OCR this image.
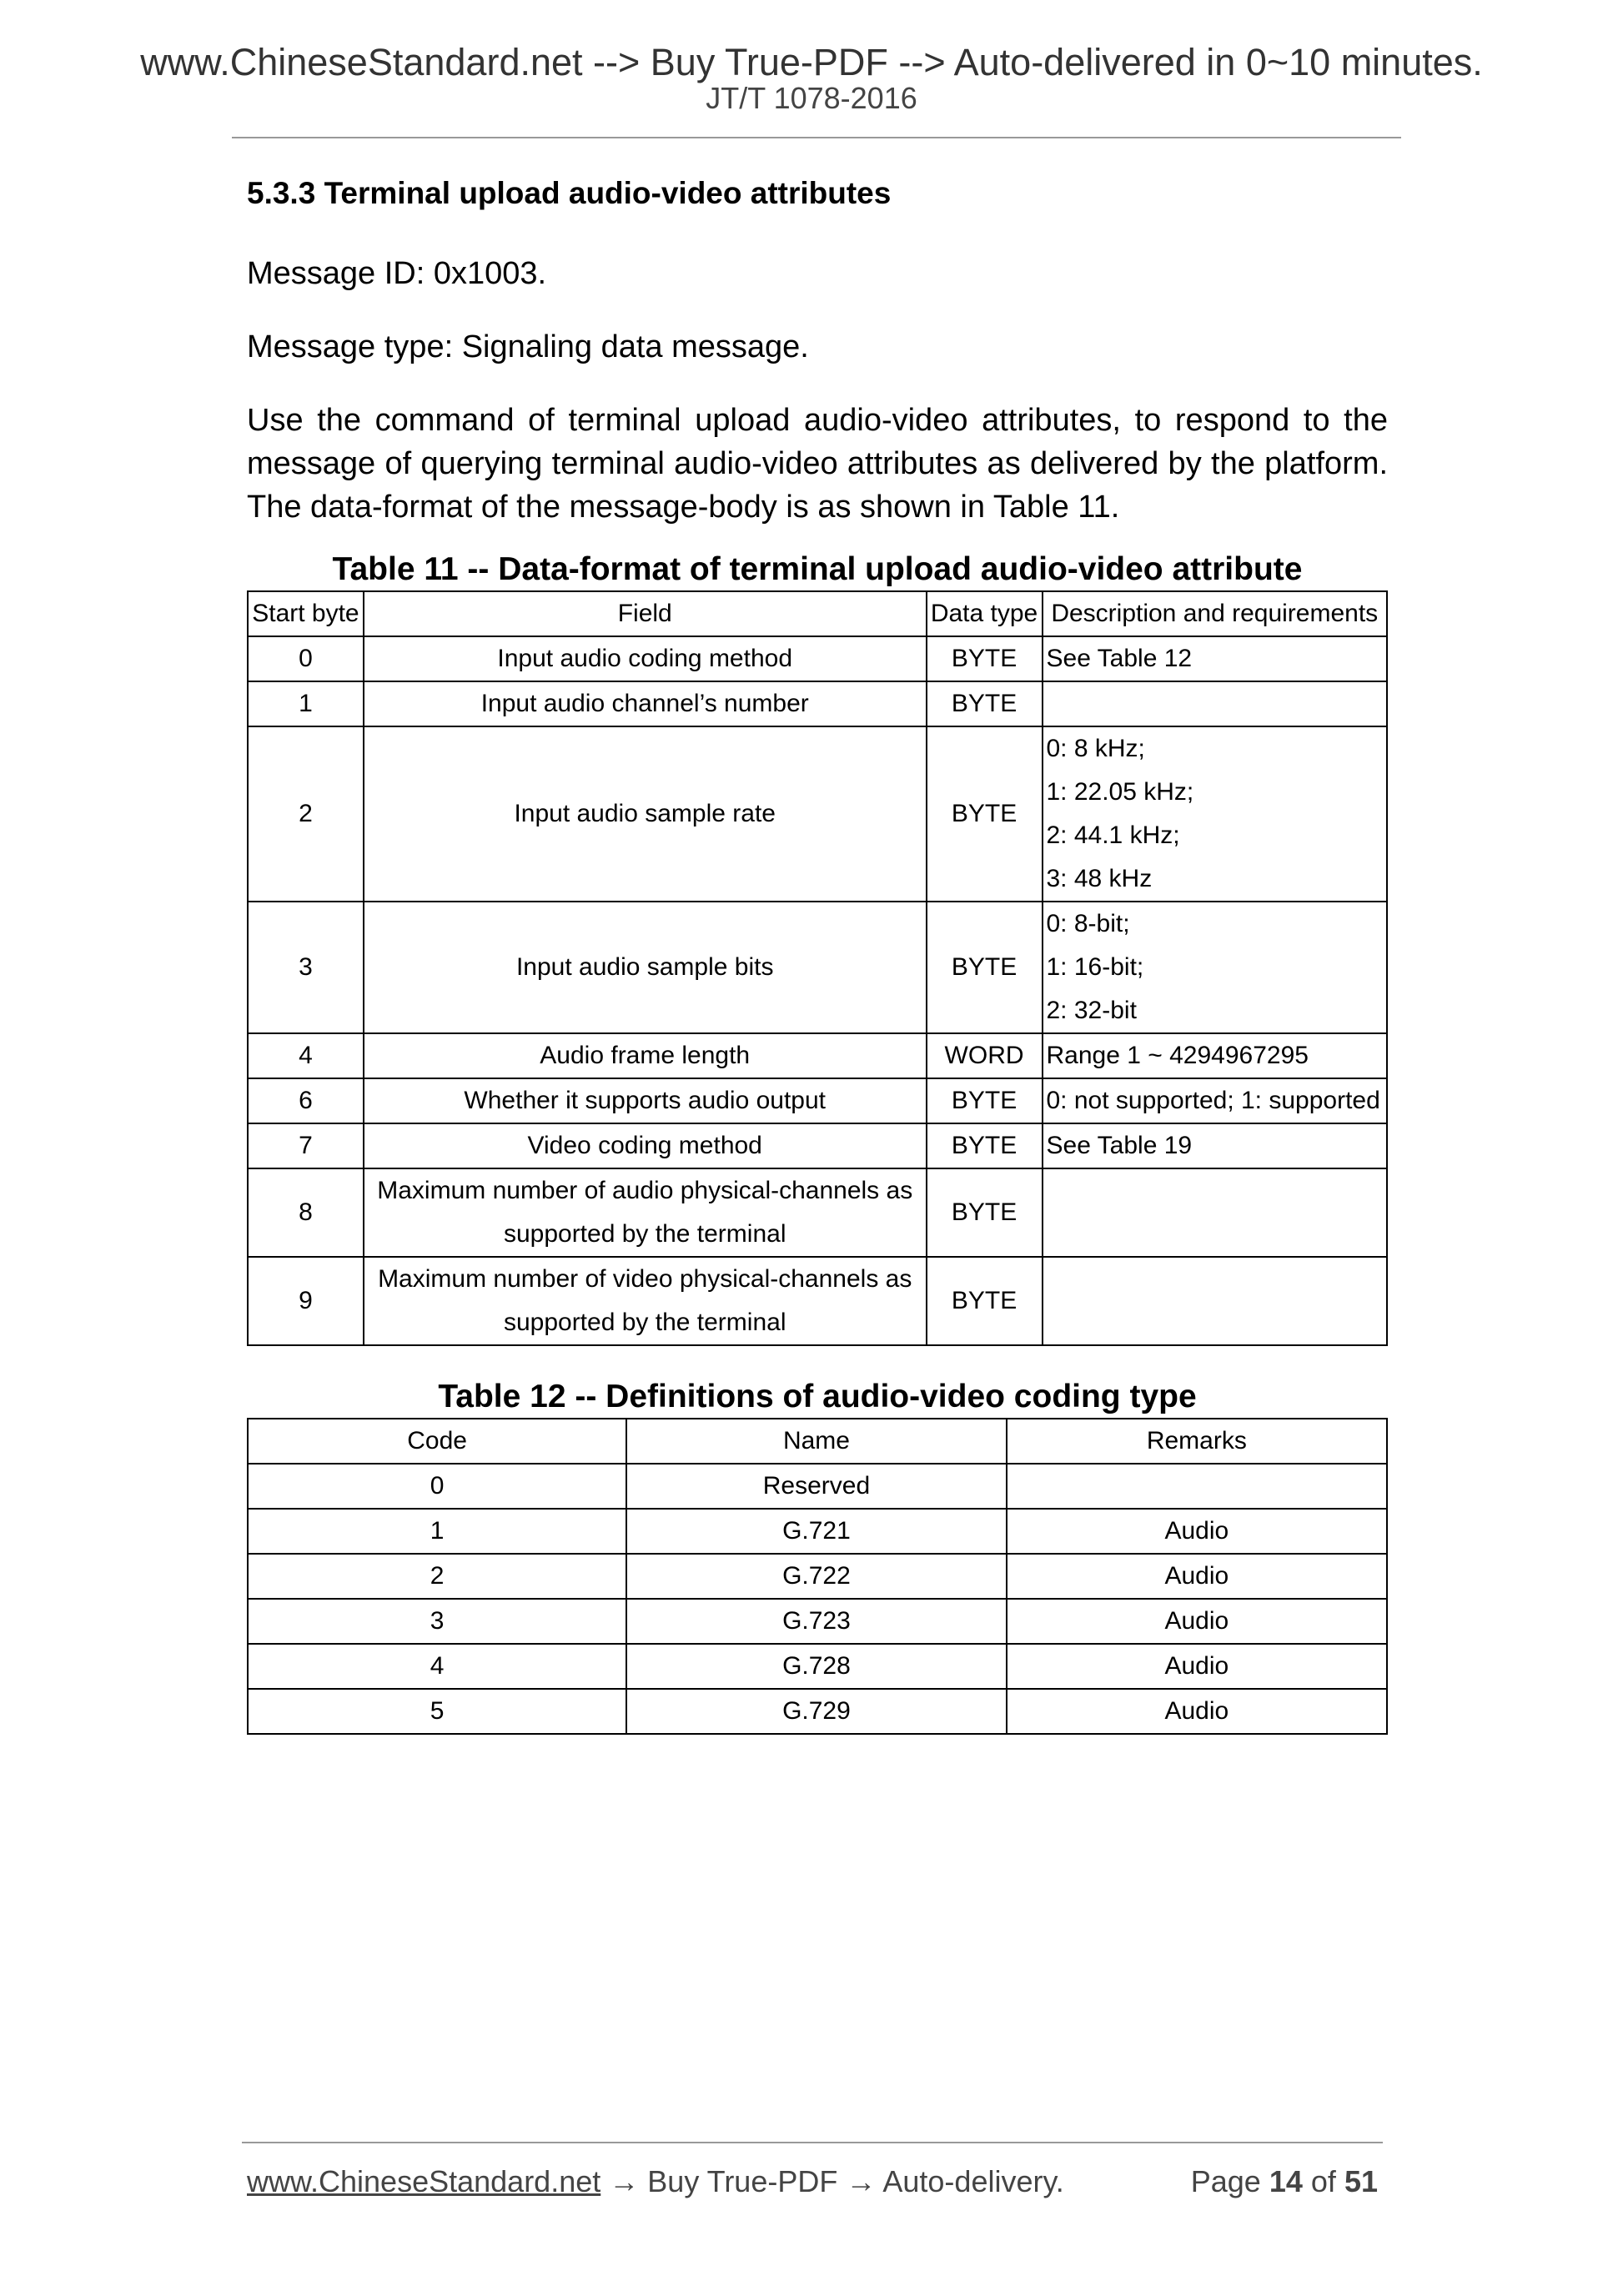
www.ChineseStandard.net --> Buy True-PDF --> Auto-delivered in 0~10 minutes.
JT/T 1078-2016
5.3.3 Terminal upload audio-video attributes

Message ID: 0x1003.

Message type: Signaling data message.

Use the command of terminal upload audio-video attributes, to respond to the message of querying terminal audio-video attributes as delivered by the platform. The data-format of the message-body is as shown in Table 11.

Table 11 -- Data-format of terminal upload audio-video attribute
Start byte	Field	Data type	Description and requirements
0	Input audio coding method	BYTE	See Table 12

1	Input audio channel’s number	BYTE	

2	Input audio sample rate	BYTE	0: 8 kHz;
1: 22.05 kHz;
2: 44.1 kHz;
3: 48 kHz

3	Input audio sample bits	BYTE	0: 8-bit;
1: 16-bit;
2: 32-bit

4	Audio frame length	WORD	Range 1 ~ 4294967295

6	Whether it supports audio output	BYTE	0: not supported; 1: supported

7	Video coding method	BYTE	See Table 19

8	Maximum number of audio physical-channels as
supported by the terminal	BYTE	

9	Maximum number of video physical-channels as
supported by the terminal	BYTE	
Table 12 -- Definitions of audio-video coding type
Code	Name	Remarks
0	Reserved	
1	G.721	Audio
2	G.722	Audio
3	G.723	Audio
4	G.728	Audio
5	G.729	Audio
www.ChineseStandard.net → Buy True-PDF → Auto-delivery.	Page 14 of 51
